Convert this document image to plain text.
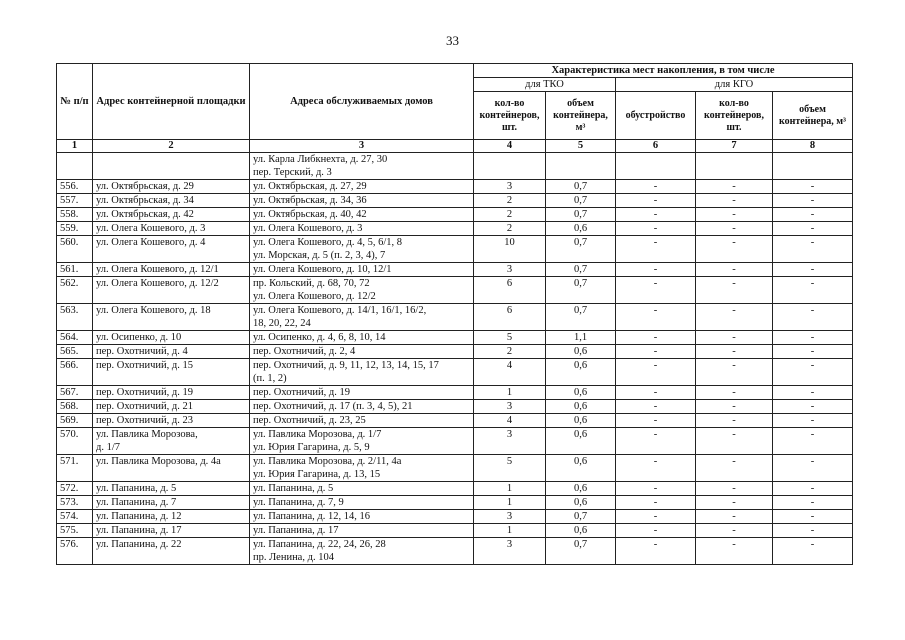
33
№ п/п	Адрес контейнерной площадки	Адреса обслуживаемых домов	Характеристика мест накопления, в том числе				
			для ТКО		для КГО		
			кол-во контейнеров, шт.	объем контейнера, м³	обустройство	кол-во контейнеров, шт.	объем контейнера, м³
1	2	3	4	5	6	7	8
		ул. Карла Либкнехта, д. 27, 30					
		пер. Терский, д. 3					
556.	ул. Октябрьская, д. 29	ул. Октябрьская, д. 27, 29	3	0,7	-	-	-
557.	ул. Октябрьская, д. 34	ул. Октябрьская, д. 34, 36	2	0,7	-	-	-
558.	ул. Октябрьская, д. 42	ул. Октябрьская, д. 40, 42	2	0,7	-	-	-
559.	ул. Олега Кошевого, д. 3	ул. Олега Кошевого, д. 3	2	0,6	-	-	-
560.	ул. Олега Кошевого, д. 4	ул. Олега Кошевого, д. 4, 5, 6/1, 8	10	0,7	-	-	-
		ул. Морская, д. 5 (п. 2, 3, 4), 7					
561.	ул. Олега Кошевого, д. 12/1	ул. Олега Кошевого, д. 10, 12/1	3	0,7	-	-	-
562.	ул. Олега Кошевого, д. 12/2	пр. Кольский, д. 68, 70, 72	6	0,7	-	-	-
		ул. Олега Кошевого, д. 12/2					
563.	ул. Олега Кошевого, д. 18	ул. Олега Кошевого, д. 14/1, 16/1, 16/2,	6	0,7	-	-	-
		18, 20, 22, 24					
564.	ул. Осипенко, д. 10	ул. Осипенко, д. 4, 6, 8, 10, 14	5	1,1	-	-	-
565.	пер. Охотничий, д. 4	пер. Охотничий, д. 2, 4	2	0,6	-	-	-
566.	пер. Охотничий, д. 15	пер. Охотничий, д. 9, 11, 12, 13, 14, 15, 17	4	0,6	-	-	-
		(п. 1, 2)					
567.	пер. Охотничий, д. 19	пер. Охотничий, д. 19	1	0,6	-	-	-
568.	пер. Охотничий, д. 21	пер. Охотничий, д. 17 (п. 3, 4, 5), 21	3	0,6	-	-	-
569.	пер. Охотничий, д. 23	пер. Охотничий, д. 23, 25	4	0,6	-	-	-
570.	ул. Павлика Морозова,	ул. Павлика Морозова, д. 1/7	3	0,6	-	-	-
	д. 1/7	ул. Юрия Гагарина, д. 5, 9					
571.	ул. Павлика Морозова, д. 4а	ул. Павлика Морозова, д. 2/11, 4а	5	0,6	-	-	-
		ул. Юрия Гагарина, д. 13, 15					
572.	ул. Папанина, д. 5	ул. Папанина, д. 5	1	0,6	-	-	-
573.	ул. Папанина, д. 7	ул. Папанина, д. 7, 9	1	0,6	-	-	-
574.	ул. Папанина, д. 12	ул. Папанина, д. 12, 14, 16	3	0,7	-	-	-
575.	ул. Папанина, д. 17	ул. Папанина, д. 17	1	0,6	-	-	-
576.	ул. Папанина, д. 22	ул. Папанина, д. 22, 24, 26, 28	3	0,7	-	-	-
		пр. Ленина, д. 104					
